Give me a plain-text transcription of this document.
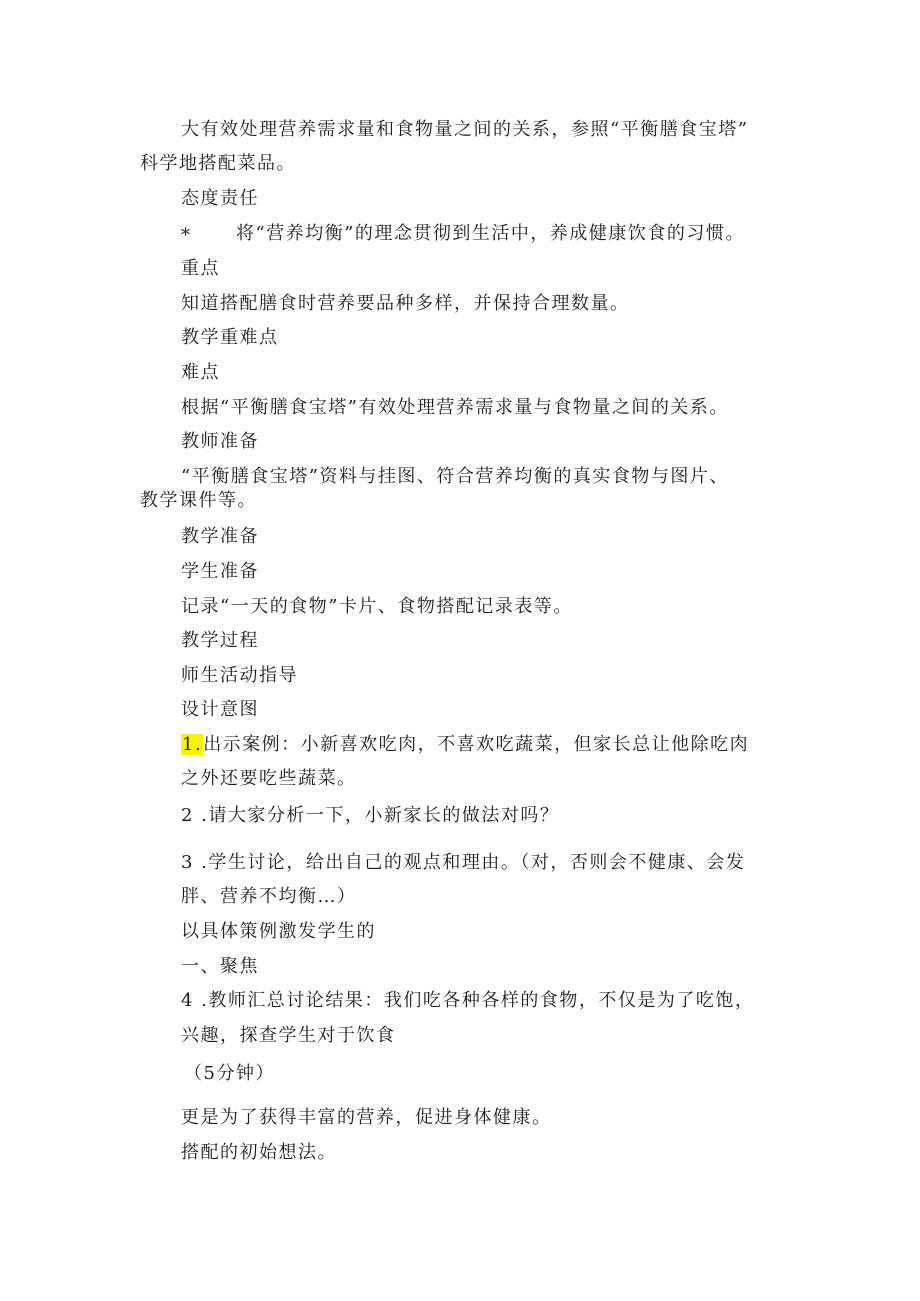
大有效处理营养需求量和食物量之间的关系，参照“平衡膳食宝塔”
科学地搭配菜品。
态度责任
* 将“营养均衡”的理念贯彻到生活中，养成健康饮食的习惯。
重点
知道搭配膳食时营养要品种多样，并保持合理数量。
教学重难点
难点
根据“平衡膳食宝塔”有效处理营养需求量与食物量之间的关系。
教师准备
“平衡膳食宝塔”资料与挂图、符合营养均衡的真实食物与图片、
教学课件等。
教学准备
学生准备
记录“一天的食物”卡片、食物搭配记录表等。
教学过程
师生活动指导
设计意图
1.出示案例：小新喜欢吃肉，不喜欢吃蔬菜，但家长总让他除吃肉
之外还要吃些蔬菜。
2 .请大家分析一下，小新家长的做法对吗？
3 .学生讨论，给出自己的观点和理由。（对，否则会不健康、会发
胖、营养不均衡…）
以具体策例激发学生的
一、聚焦
4 .教师汇总讨论结果：我们吃各种各样的食物，不仅是为了吃饱，
兴趣，探查学生对于饮食
（5分钟）
更是为了获得丰富的营养，促进身体健康。
搭配的初始想法。
